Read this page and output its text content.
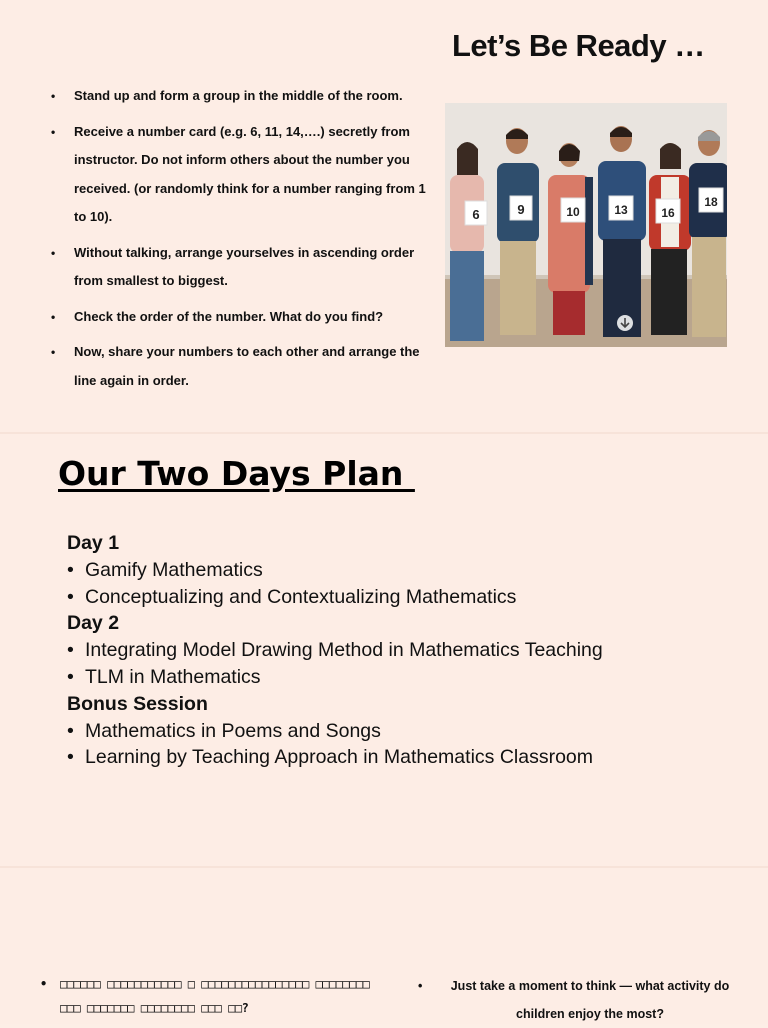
Let’s Be Ready …
• Stand up and form a group in the middle of the room.
• Receive a number card (e.g. 6, 11, 14,….) secretly from instructor. Do not inform others about the number you received. (or randomly think for a number ranging from 1 to 10).
• Without talking, arrange yourselves in ascending order from smallest to biggest.
• Check the order of the number. What do you find?
• Now, share your numbers to each other and arrange the line again in order.
6	9	10	13	16
18
Our Two Days Plan
Day 1
• Gamify Mathematics
• Conceptualizing and Contextualizing Mathematics
Day 2
• Integrating Model Drawing Method in Mathematics Teaching
• TLM in Mathematics
Bonus Session
• Mathematics in Poems and Songs
• Learning by Teaching Approach in Mathematics Classroom
•	□□□□□□ □□□□□□□□□□□ □ □□□□□□□□□□□□□□□□ □□□□□□□□ □□□ □□□□□□□ □□□□□□□□ □□□ □□?
•	Just take a moment to think — what activity do children enjoy the most?
